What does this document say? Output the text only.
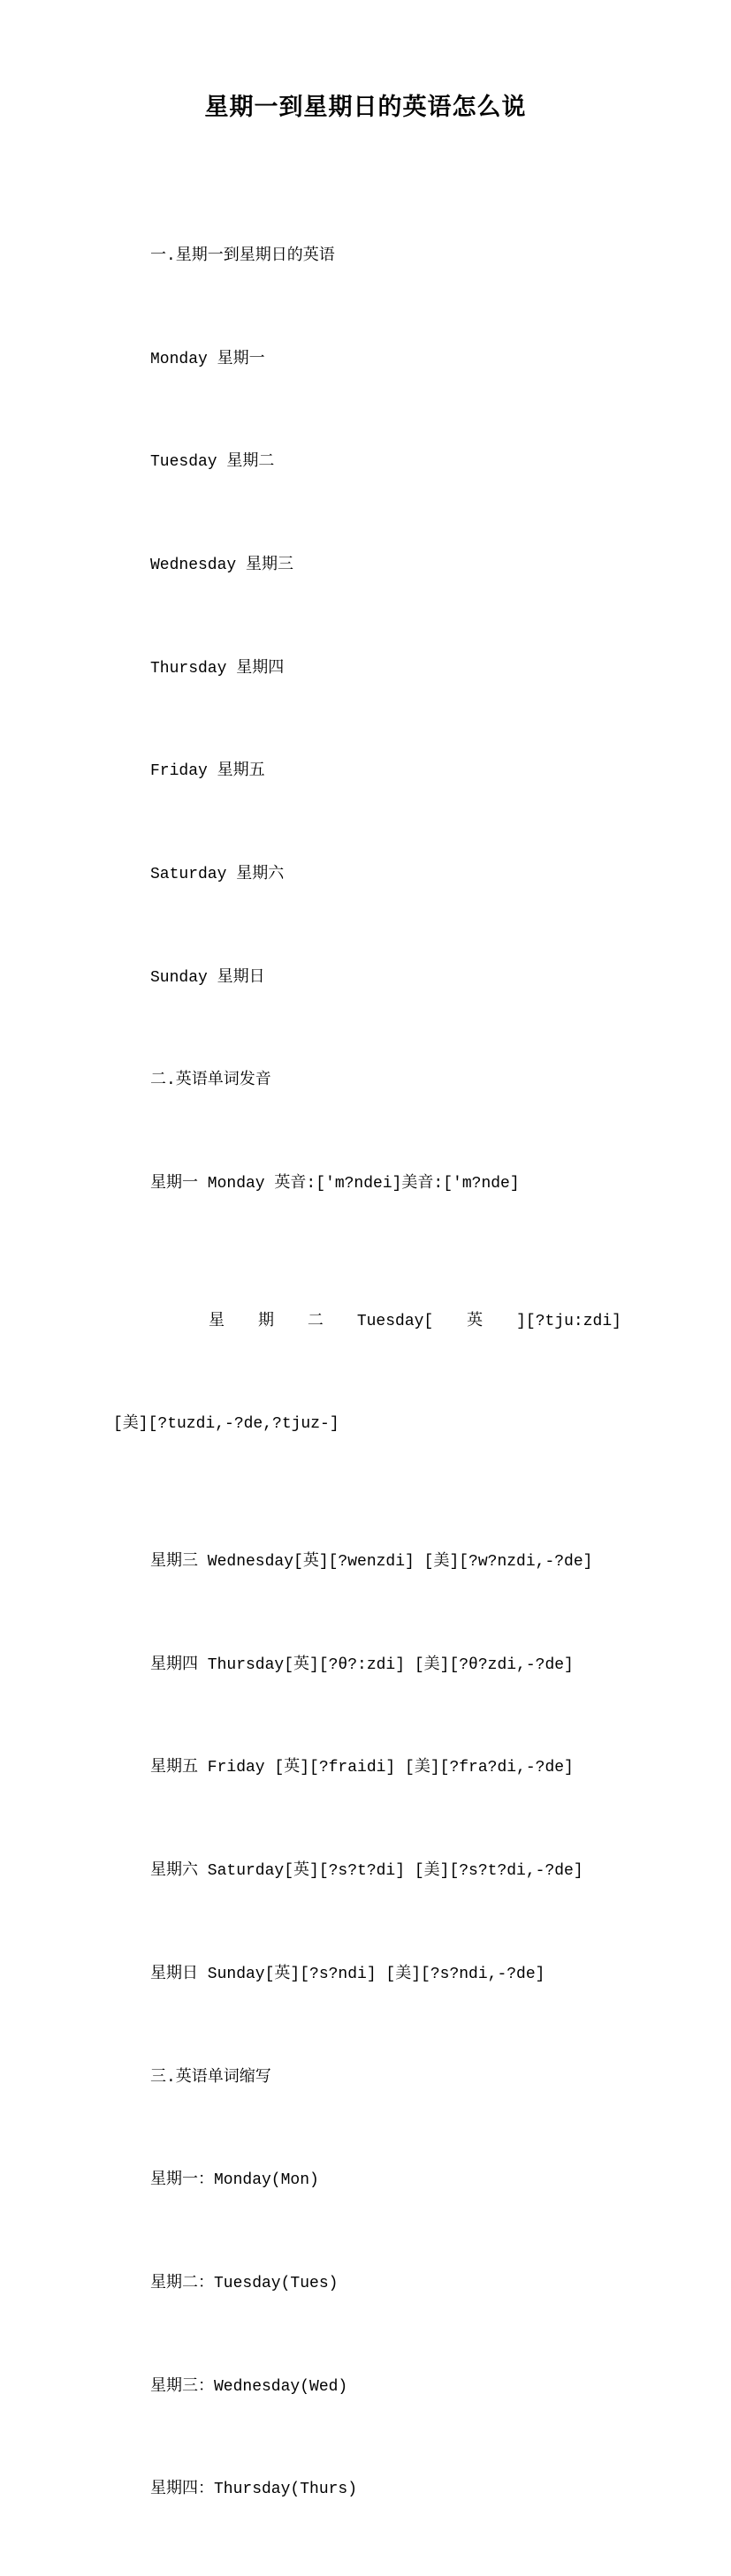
星期一到星期日的英语怎么说

一.星期一到星期日的英语

Monday 星期一

Tuesday 星期二

Wednesday 星期三

Thursday 星期四

Friday 星期五

Saturday 星期六

Sunday 星期日

二.英语单词发音

星期一 Monday 英音:['m?ndei]美音:['m?nde]

星 期 二 Tuesday[ 英 ][?tju:zdi]

[美][?tuzdi,-?de,?tjuz-]

星期三 Wednesday[英][?wenzdi] [美][?w?nzdi,-?de]

星期四 Thursday[英][?θ?:zdi] [美][?θ?zdi,-?de]

星期五 Friday [英][?fraidi] [美][?fra?di,-?de]

星期六 Saturday[英][?s?t?di] [美][?s?t?di,-?de]

星期日 Sunday[英][?s?ndi] [美][?s?ndi,-?de]

三.英语单词缩写

星期一：Monday(Mon)

星期二：Tuesday(Tues)

星期三：Wednesday(Wed)

星期四：Thursday(Thurs)
